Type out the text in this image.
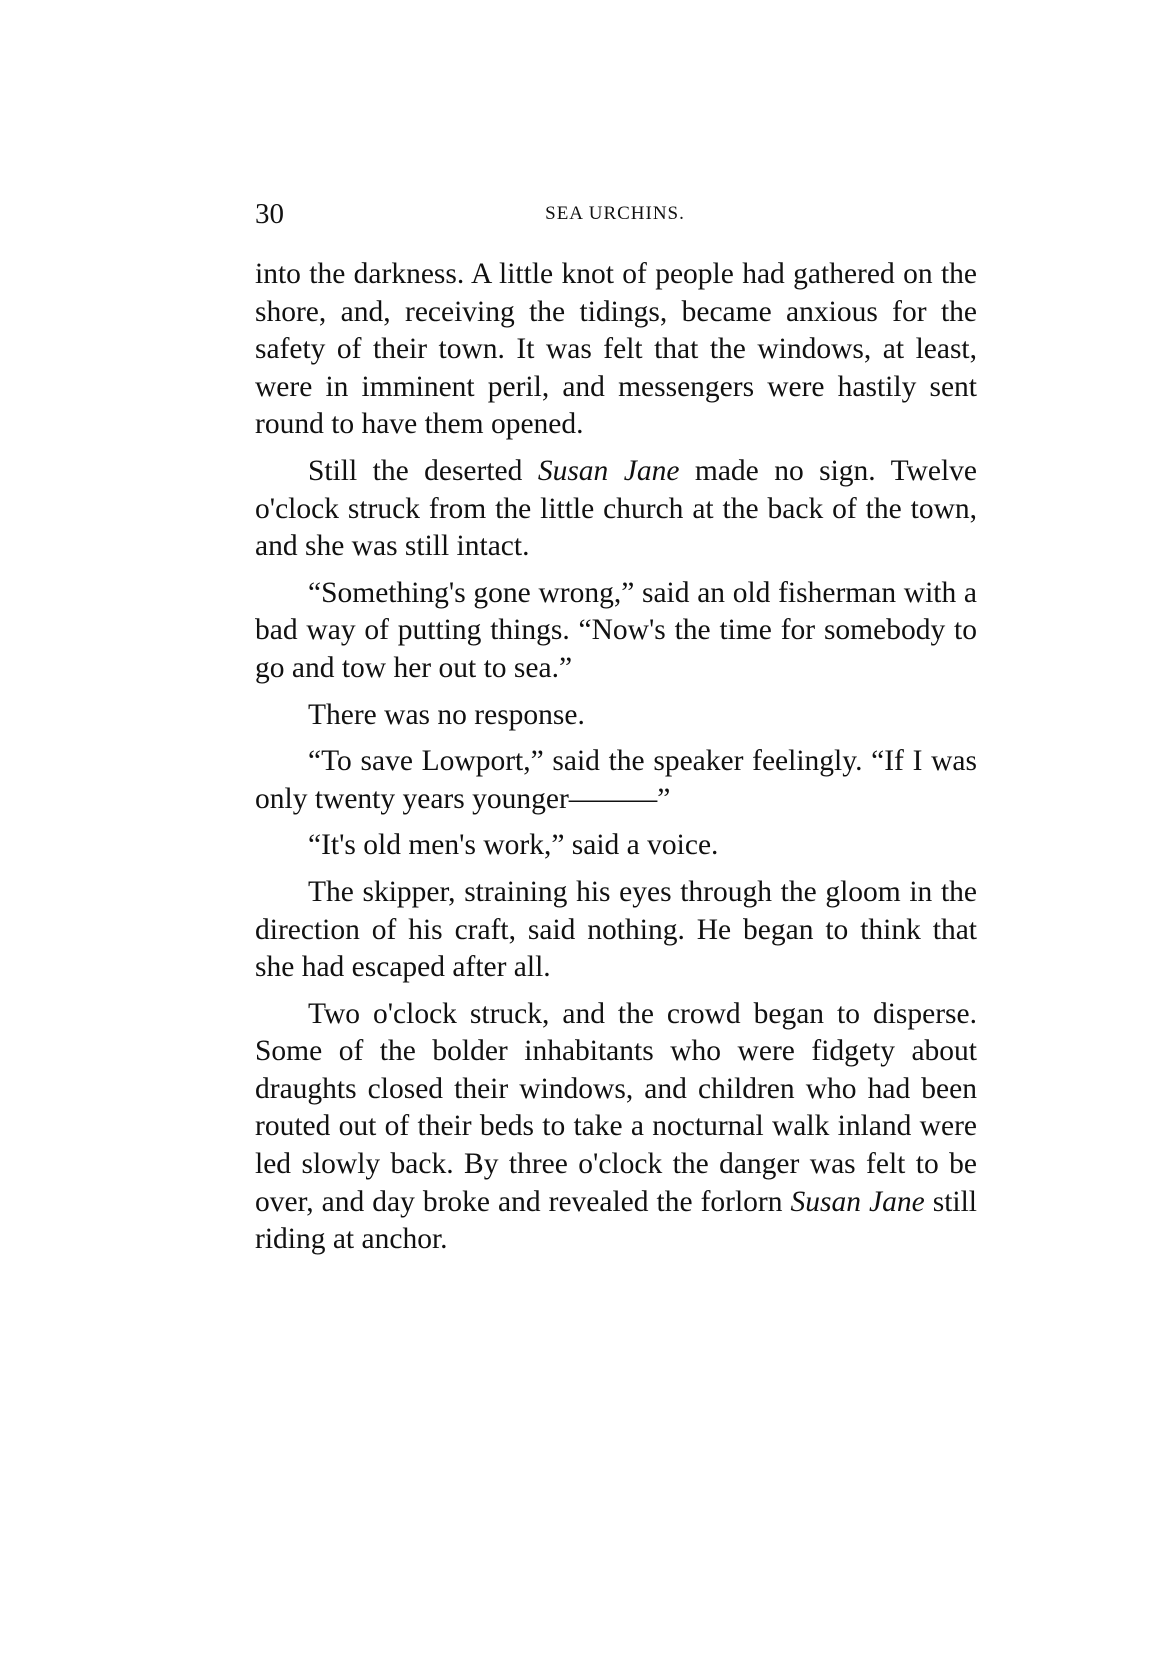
30	SEA URCHINS.

into the darkness. A little knot of people had gathered on the shore, and, receiving the tidings, became anxious for the safety of their town. It was felt that the windows, at least, were in imminent peril, and messengers were hastily sent round to have them opened.

Still the deserted Susan Jane made no sign. Twelve o'clock struck from the little church at the back of the town, and she was still intact.

“Something's gone wrong,” said an old fisherman with a bad way of putting things. “Now's the time for somebody to go and tow her out to sea.”

There was no response.

“To save Lowport,” said the speaker feelingly. “If I was only twenty years younger———”

“It's old men's work,” said a voice.

The skipper, straining his eyes through the gloom in the direction of his craft, said nothing. He began to think that she had escaped after all.

Two o'clock struck, and the crowd began to disperse. Some of the bolder inhabitants who were fidgety about draughts closed their windows, and children who had been routed out of their beds to take a nocturnal walk inland were led slowly back. By three o'clock the danger was felt to be over, and day broke and revealed the forlorn Susan Jane still riding at anchor.
